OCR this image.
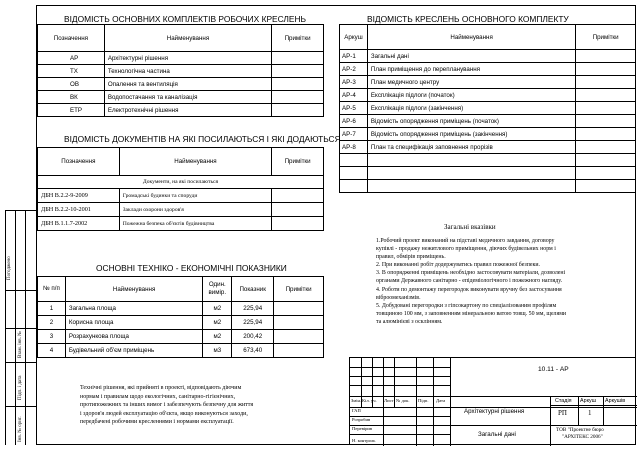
Погоджено
Взам. інв. №
Підп. і дата
Інв. № ориг.
ВІДОМІСТЬ ОСНОВНИХ КОМПЛЕКТІВ РОБОЧИХ КРЕСЛЕНЬ
Позначення	Найменування	Примітки
АР	Архітектурні рішення	
ТХ	Технологічна частина	
ОВ	Опалення та вентиляція	
ВК	Водопостачання та каналізація	
ЕТР	Електротехнічні рішення	
ВІДОМІСТЬ ДОКУМЕНТІВ НА ЯКІ ПОСИЛАЮТЬСЯ І ЯКІ ДОДАЮТЬСЯ
Позначення	Найменування	Примітки
Документи, на які посилаються		
ДБН В.2.2-9-2009	Громадські будинки та споруди	
ДБН В.2.2-10-2001	Заклади охорони здоров'я	
ДБН В.1.1.7-2002	Пожежна безпека об'єктів будівництва	
ОСНОВНІ ТЕХНІКО - ЕКОНОМІЧНІ ПОКАЗНИКИ
№ п/п	Найменування	Один. вимір.	Показник	Примітки
1	Загальна площа	м2	225,94	
2	Корисна площа	м2	225,94	
3	Розрахункова площа	м2	200,42	
4	Будівельний об'єм приміщень	м3	673,40	
Технічні рішення, які прийняті в проекті, відповідають діючим
нормам і правилам щодо екологічних, санітарно-гігієнічних,
протипожежних та інших вимог і забезпечують безпечну для життя
і здоров'я людей експлуатацію об'єкта, якщо виконуються заходи,
передбачені робочими кресленнями і нормами експлуатації.
ВІДОМІСТЬ КРЕСЛЕНЬ ОСНОВНОГО КОМПЛЕКТУ
Аркуш	Найменування	Примітки
АР-1	Загальні дані	
АР-2	План приміщення до перепланування	
АР-3	План медичного центру	
АР-4	Експлікація підлоги (початок)	
АР-5	Експлікація підлоги (закінчення)	
АР-6	Відомість опорядження приміщень (початок)	
АР-7	Відомість опорядження приміщень (закінчення)	
АР-8	План та специфікація заповнення прорізів	

Загальні вказівки
1.Робочий проект виконаний на підставі медичного завдання, договору
купівлі - продажу нежитлового приміщення, діючих будівельних норм і
правил, обмірів приміщень.
2. При виконанні робіт додержуватись правил пожежної безпеки.
3. В опорядженні приміщень необхідно застосовувати матеріали, дозволені
органами Державного санітарно - епідеміологічного і пожежного нагляду.
4. Роботи по демонтажу перегородок виконувати вручну без застосування
віброомеханізмів.
5. Добудовані перегородки з гіпсокартону по спеціалізованим профілям
товщиною 100 мм, з заповненням мінеральною ватою товщ. 50 мм, щелями
та алюмінієві з осклінням.
10.11 - АР
Змін. Кіл. уч. Лист № док. Підп. Дата
ГАП
Розробив
Перевірив
Н. контроль
Архітектурні рішення
Загальні дані
Стадія Аркуш Аркушів
РП	1
ТОВ "Проектне бюро
"АРХІТЕКС 2006"
